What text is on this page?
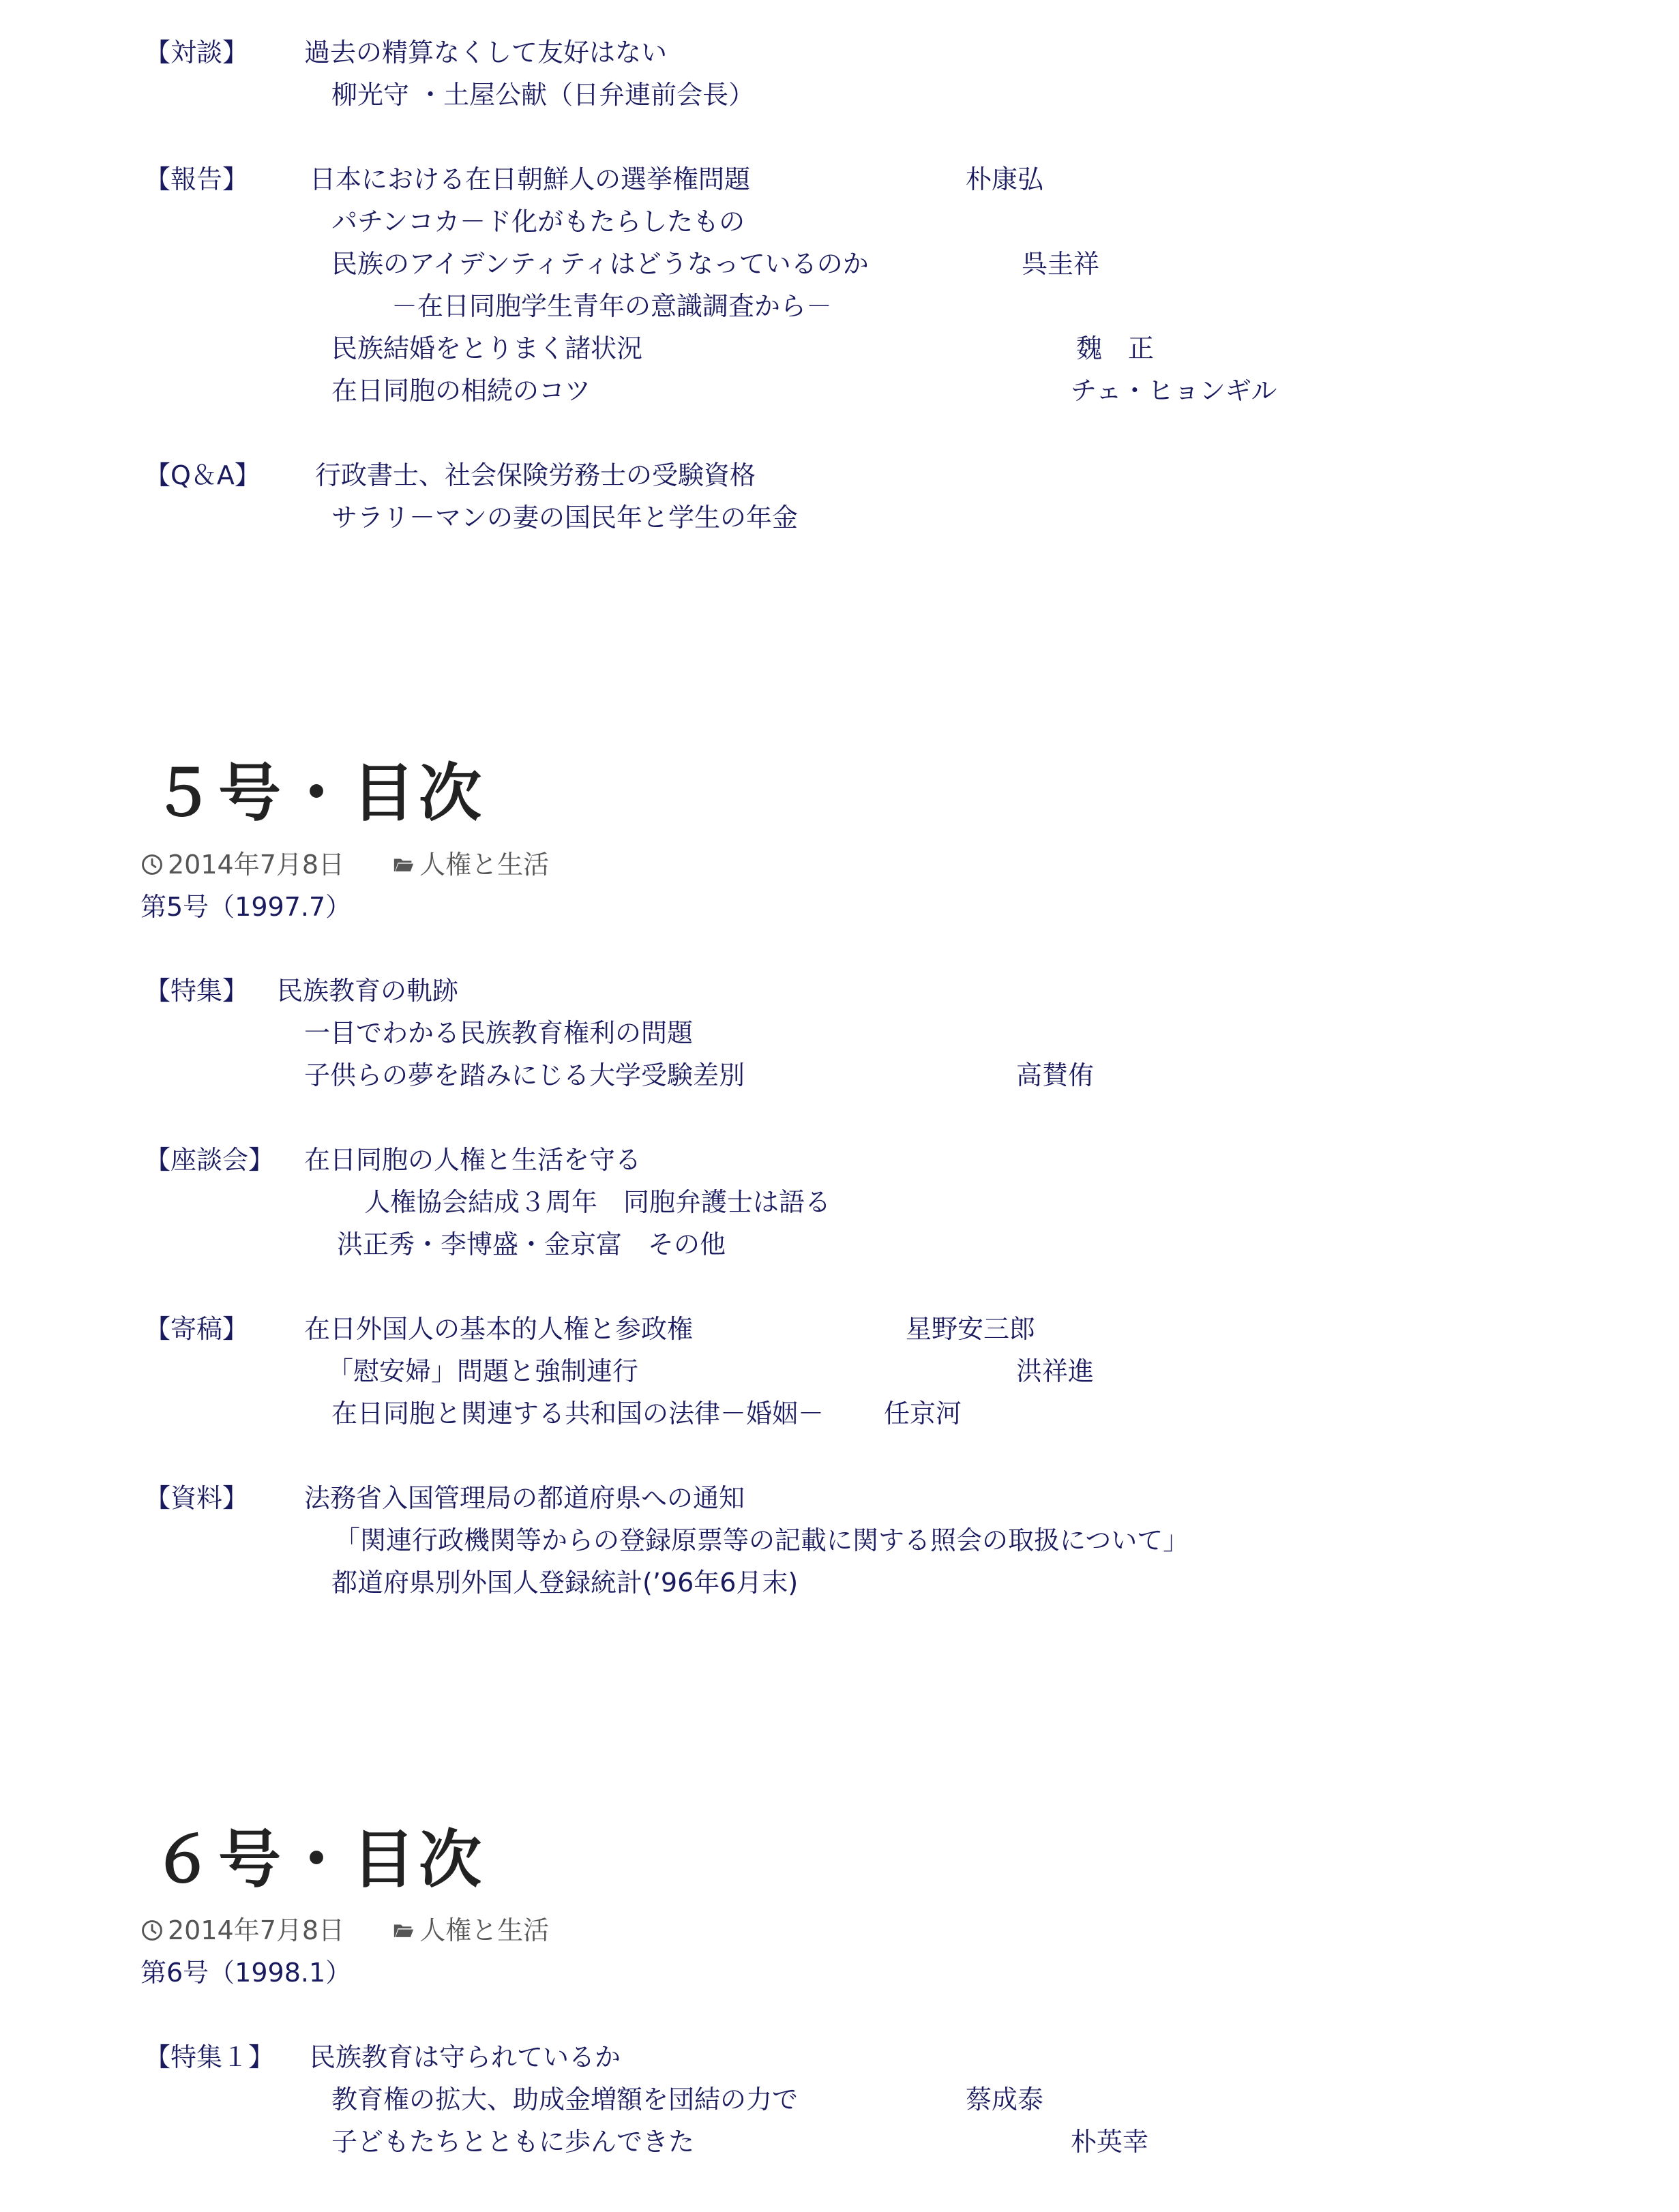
【対談】 過去の精算なくして友好はない
柳光守 ・土屋公献（日弁連前会長）
【報告】 日本における在日朝鮮人の選挙権問題	朴康弘
パチンコカ－ド化がもたらしたもの
民族のアイデンティティはどうなっているのか	呉圭祥
－在日同胞学生青年の意識調査から－
民族結婚をとりまく諸状況	魏　正
在日同胞の相続のコツ	チェ・ヒョンギル
【Q＆A】 行政書士、社会保険労務士の受験資格
サラリ－マンの妻の国民年と学生の年金
５号・目次
2014年7月8日	人権と生活
第5号（1997.7）
【特集】 民族教育の軌跡
一目でわかる民族教育権利の問題
子供らの夢を踏みにじる大学受験差別	高賛侑
【座談会】 在日同胞の人権と生活を守る
人権協会結成３周年　同胞弁護士は語る
洪正秀・李博盛・金京富　その他
【寄稿】 在日外国人の基本的人権と参政権	星野安三郎
「慰安婦」問題と強制連行	洪祥進
在日同胞と関連する共和国の法律－婚姻－ 任京河
【資料】 法務省入国管理局の都道府県への通知
「関連行政機関等からの登録原票等の記載に関する照会の取扱について」
都道府県別外国人登録統計(’96年6月末)
６号・目次
2014年7月8日	人権と生活
第6号（1998.1）
【特集１】 民族教育は守られているか
教育権の拡大、助成金増額を団結の力で	蔡成泰
子どもたちとともに歩んできた	朴英幸
